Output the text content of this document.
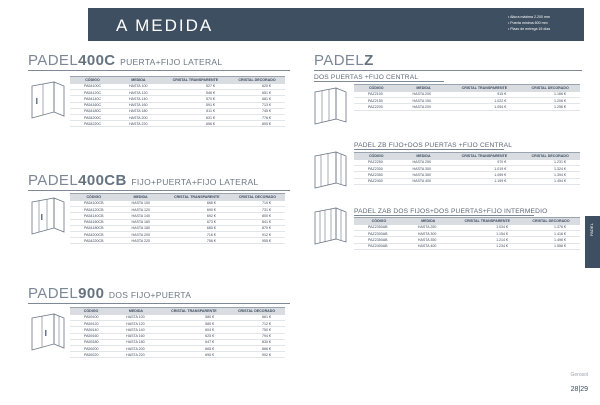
A MEDIDA	• Altura máxima 2.200 mm
• Puerta mínima 600 mm
• Plazo de entrega 15 días
PADEL400C PUERTA+FIJO LATERAL
CÓDIGO	MEDIDA	CRISTAL TRANSPARENTE	CRISTAL DECORADO
PA54100C	HASTA 100	527 €	620 €
PA54120C	HASTA 120	546 €	651 €
PA54140C	HASTA 140	570 €	681 €
PA54160C	HASTA 160	591 €	713 €
PA54180C	HASTA 180	611 €	745 €
PA54200C	HASTA 200	631 €	776 €
PA54220C	HASTA 220	656 €	805 €
PADEL400CB FIJO+PUERTA+FIJO LATERAL
CÓDIGO	MEDIDA	CRISTAL TRANSPARENTE	CRISTAL DECORADO
PA54100CB	HASTA 100	666 €	710 €
PA54120CB	HASTA 120	690 €	731 €
PA54140CB	HASTA 140	692 €	800 €
PA54160CB	HASTA 160	673 €	841 €
PA54180CB	HASTA 180	680 €	870 €
PA54200CB	HASTA 200	716 €	912 €
PA54220CB	HASTA 220	756 €	955 €
PADEL900 DOS FIJO+PUERTA
CÓDIGO	MEDIDA	CRISTAL TRANSPARENTE	CRISTAL DECORADO
PA59100	HASTA 100	580 €	661 €
PA59120	HASTA 120	580 €	712 €
PA59140	HASTA 140	604 €	750 €
PA59160	HASTA 160	625 €	794 €
PA59180	HASTA 180	647 €	830 €
PA59200	HASTA 200	665 €	866 €
PA59220	HASTA 220	690 €	902 €
PADELZ
DOS PUERTAS +FIJO CENTRAL
CÓDIGO	MEDIDA	CRISTAL TRANSPARENTE	CRISTAL DECORADO
PAZ2100	HASTA 200	915 €	1.166 €
PAZ2150	HASTA 150	1.022 €	1.206 €
PAZ2200	HASTA 200	1.054 €	1.256 €
PADEL ZB FIJO+DOS PUERTAS +FIJO CENTRAL
CÓDIGO	MEDIDA	CRISTAL TRANSPARENTE	CRISTAL DECORADO
PAZ2250	HASTA 250	970 €	1.231 €
PAZ2300	HASTA 300	1.019 €	1.324 €
PAZ2350	HASTA 350	1.059 €	1.394 €
PAZ2400	HASTA 400	1.159 €	1.454 €
PADEL ZAB DOS FIJOS+DOS PUERTAS+FIJO INTERMEDIO
CÓDIGO	MEDIDA	CRISTAL TRANSPARENTE	CRISTAL DECORADO
PAZ2350AB	HASTA 250	1.034 €	1.376 €
PAZ2300AB	HASTA 300	1.154 €	1.416 €
PAZ2350AB	HASTA 350	1.214 €	1.496 €
PAZ2400AB	HASTA 400	1.234 €	1.556 €
PADEL
Gerosol
28|29
